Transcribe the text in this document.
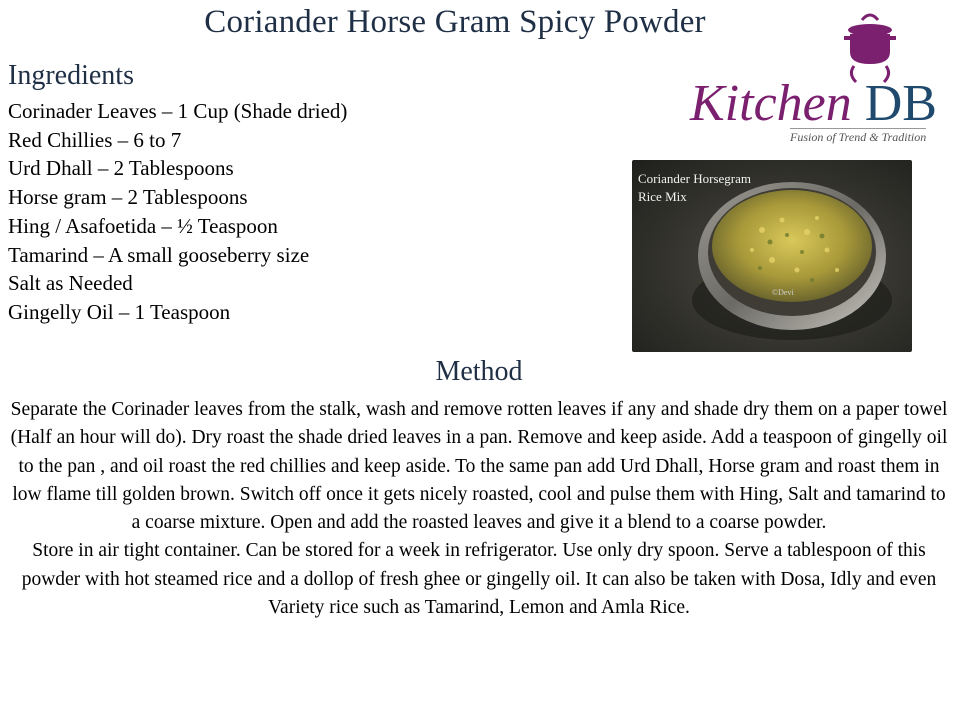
Coriander Horse Gram Spicy Powder
Ingredients
Corinader Leaves – 1 Cup (Shade dried)
Red Chillies – 6 to 7
Urd Dhall – 2 Tablespoons
Horse gram – 2 Tablespoons
Hing / Asafoetida – ½ Teaspoon
Tamarind – A small gooseberry size
Salt as Needed
Gingelly Oil – 1 Teaspoon
Kitchen DB
Fusion of Trend & Tradition
Coriander Horsegram
Rice Mix
©Devi
Method

Separate the Corinader leaves from the stalk, wash and remove rotten leaves if any and shade dry them on a paper towel (Half an hour will do). Dry roast the shade dried leaves in a pan. Remove and keep aside. Add a teaspoon of gingelly oil to the pan , and oil roast the red chillies and keep aside. To the same pan add Urd Dhall, Horse gram and roast them in low flame till golden brown. Switch off once it gets nicely roasted, cool and pulse them with Hing, Salt and tamarind to a coarse mixture. Open and add the roasted leaves and give it a blend to a coarse powder.

Store in air tight container. Can be stored for a week in refrigerator. Use only dry spoon. Serve a tablespoon of this powder with hot steamed rice and a dollop of fresh ghee or gingelly oil. It can also be taken with Dosa, Idly and even Variety rice such as Tamarind, Lemon and Amla Rice.
